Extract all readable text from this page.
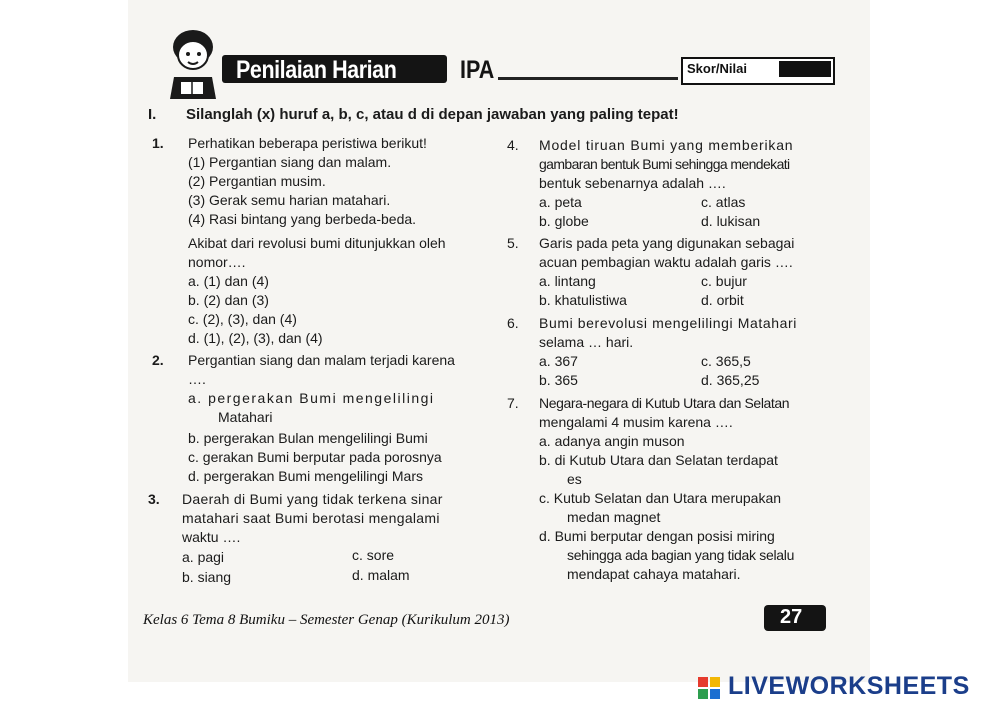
Penilaian Harian	IPA	Skor/Nilai
I. Silanglah (x) huruf a, b, c, atau d di depan jawaban yang paling tepat!
1. Perhatikan beberapa peristiwa berikut!
(1) Pergantian siang dan malam.
(2) Pergantian musim.
(3) Gerak semu harian matahari.
(4) Rasi bintang yang berbeda-beda.
Akibat dari revolusi bumi ditunjukkan oleh
nomor….
a. (1) dan (4)
b. (2) dan (3)
c. (2), (3), dan (4)
d. (1), (2), (3), dan (4)
2. Pergantian siang dan malam terjadi karena
….
a. pergerakan Bumi mengelilingi
Matahari
b. pergerakan Bulan mengelilingi Bumi
c. gerakan Bumi berputar pada porosnya
d. pergerakan Bumi mengelilingi Mars
3. Daerah di Bumi yang tidak terkena sinar
matahari saat Bumi berotasi mengalami
waktu ….
a. pagi	c. sore
b. siang	d. malam
4. Model tiruan Bumi yang memberikan
gambaran bentuk Bumi sehingga mendekati
bentuk sebenarnya adalah ….
a. peta	c. atlas
b. globe	d. lukisan
5. Garis pada peta yang digunakan sebagai
acuan pembagian waktu adalah garis ….
a. lintang	c. bujur
b. khatulistiwa	d. orbit
6. Bumi berevolusi mengelilingi Matahari
selama … hari.
a. 367	c. 365,5
b. 365	d. 365,25
7. Negara-negara di Kutub Utara dan Selatan
mengalami 4 musim karena ….
a. adanya angin muson
b. di Kutub Utara dan Selatan terdapat
es
c. Kutub Selatan dan Utara merupakan
medan magnet
d. Bumi berputar dengan posisi miring
sehingga ada bagian yang tidak selalu
mendapat cahaya matahari.
Kelas 6 Tema 8 Bumiku – Semester Genap (Kurikulum 2013)	27
LIVEWORKSHEETS
